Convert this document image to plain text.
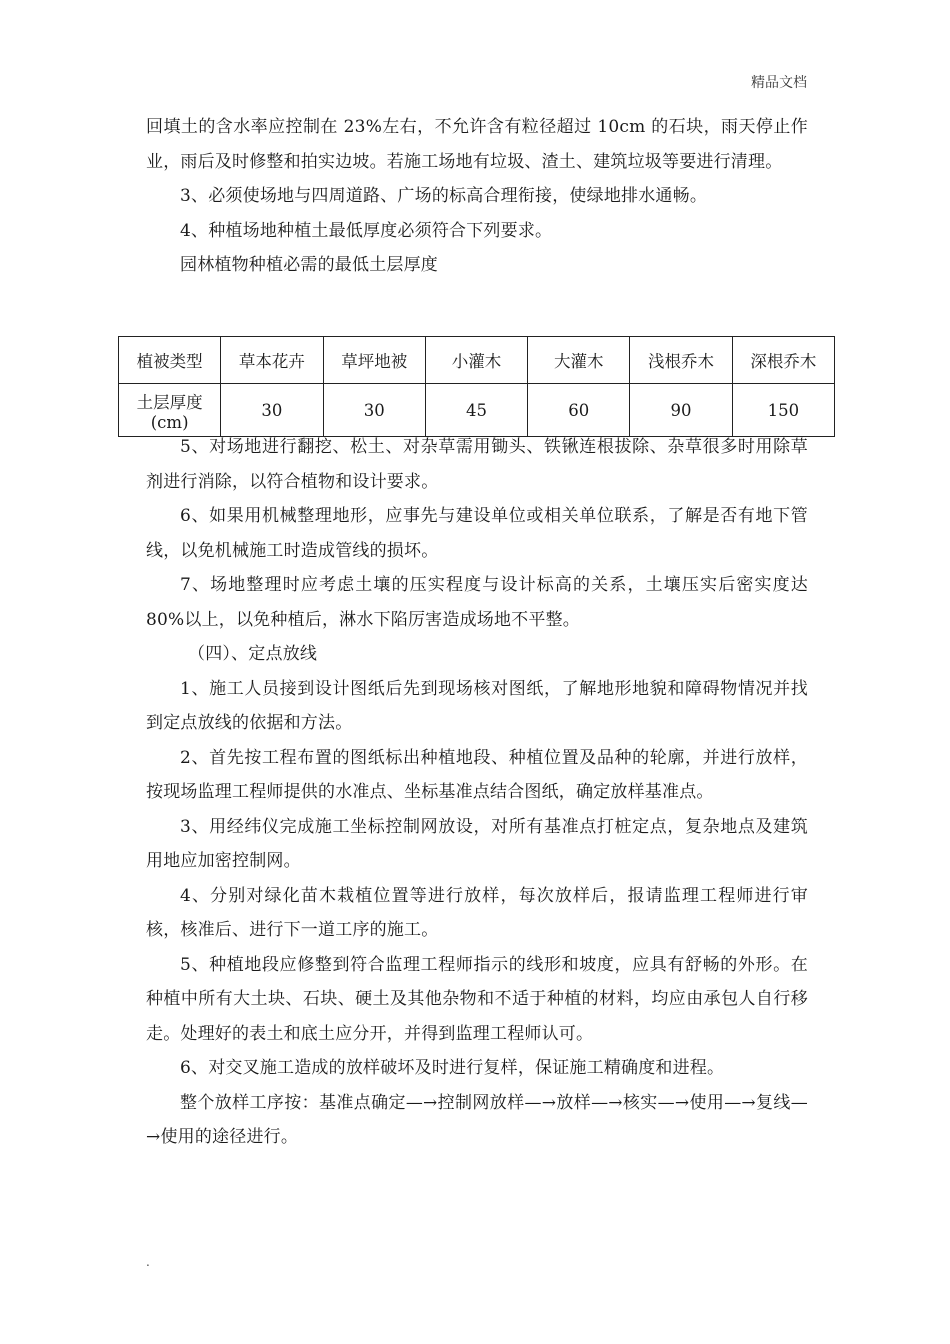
精品文档

回填土的含水率应控制在 23%左右，不允许含有粒径超过 10cm 的石块，雨天停止作业，雨后及时修整和拍实边坡。若施工场地有垃圾、渣土、建筑垃圾等要进行清理。

3、必须使场地与四周道路、广场的标高合理衔接，使绿地排水通畅。

4、种植场地种植土最低厚度必须符合下列要求。

园林植物种植必需的最低土层厚度

植被类型	草本花卉	草坪地被	小灌木	大灌木	浅根乔木	深根乔木
土层厚度(cm)	30	30	45	60	90	150

5、对场地进行翻挖、松土、对杂草需用锄头、铁锹连根拔除、杂草很多时用除草剂进行消除，以符合植物和设计要求。

6、如果用机械整理地形，应事先与建设单位或相关单位联系，了解是否有地下管线，以免机械施工时造成管线的损坏。

7、场地整理时应考虑土壤的压实程度与设计标高的关系，土壤压实后密实度达 80%以上，以免种植后，淋水下陷厉害造成场地不平整。

（四）、定点放线

1、施工人员接到设计图纸后先到现场核对图纸，了解地形地貌和障碍物情况并找到定点放线的依据和方法。

2、首先按工程布置的图纸标出种植地段、种植位置及品种的轮廓，并进行放样，按现场监理工程师提供的水准点、坐标基准点结合图纸，确定放样基准点。

3、用经纬仪完成施工坐标控制网放设，对所有基准点打桩定点，复杂地点及建筑用地应加密控制网。

4、分别对绿化苗木栽植位置等进行放样，每次放样后，报请监理工程师进行审核，核准后、进行下一道工序的施工。

5、种植地段应修整到符合监理工程师指示的线形和坡度，应具有舒畅的外形。在种植中所有大土块、石块、硬土及其他杂物和不适于种植的材料，均应由承包人自行移走。处理好的表土和底土应分开，并得到监理工程师认可。

6、对交叉施工造成的放样破坏及时进行复样，保证施工精确度和进程。

整个放样工序按：基准点确定—→控制网放样—→放样—→核实—→使用—→复线—→使用的途径进行。

.
